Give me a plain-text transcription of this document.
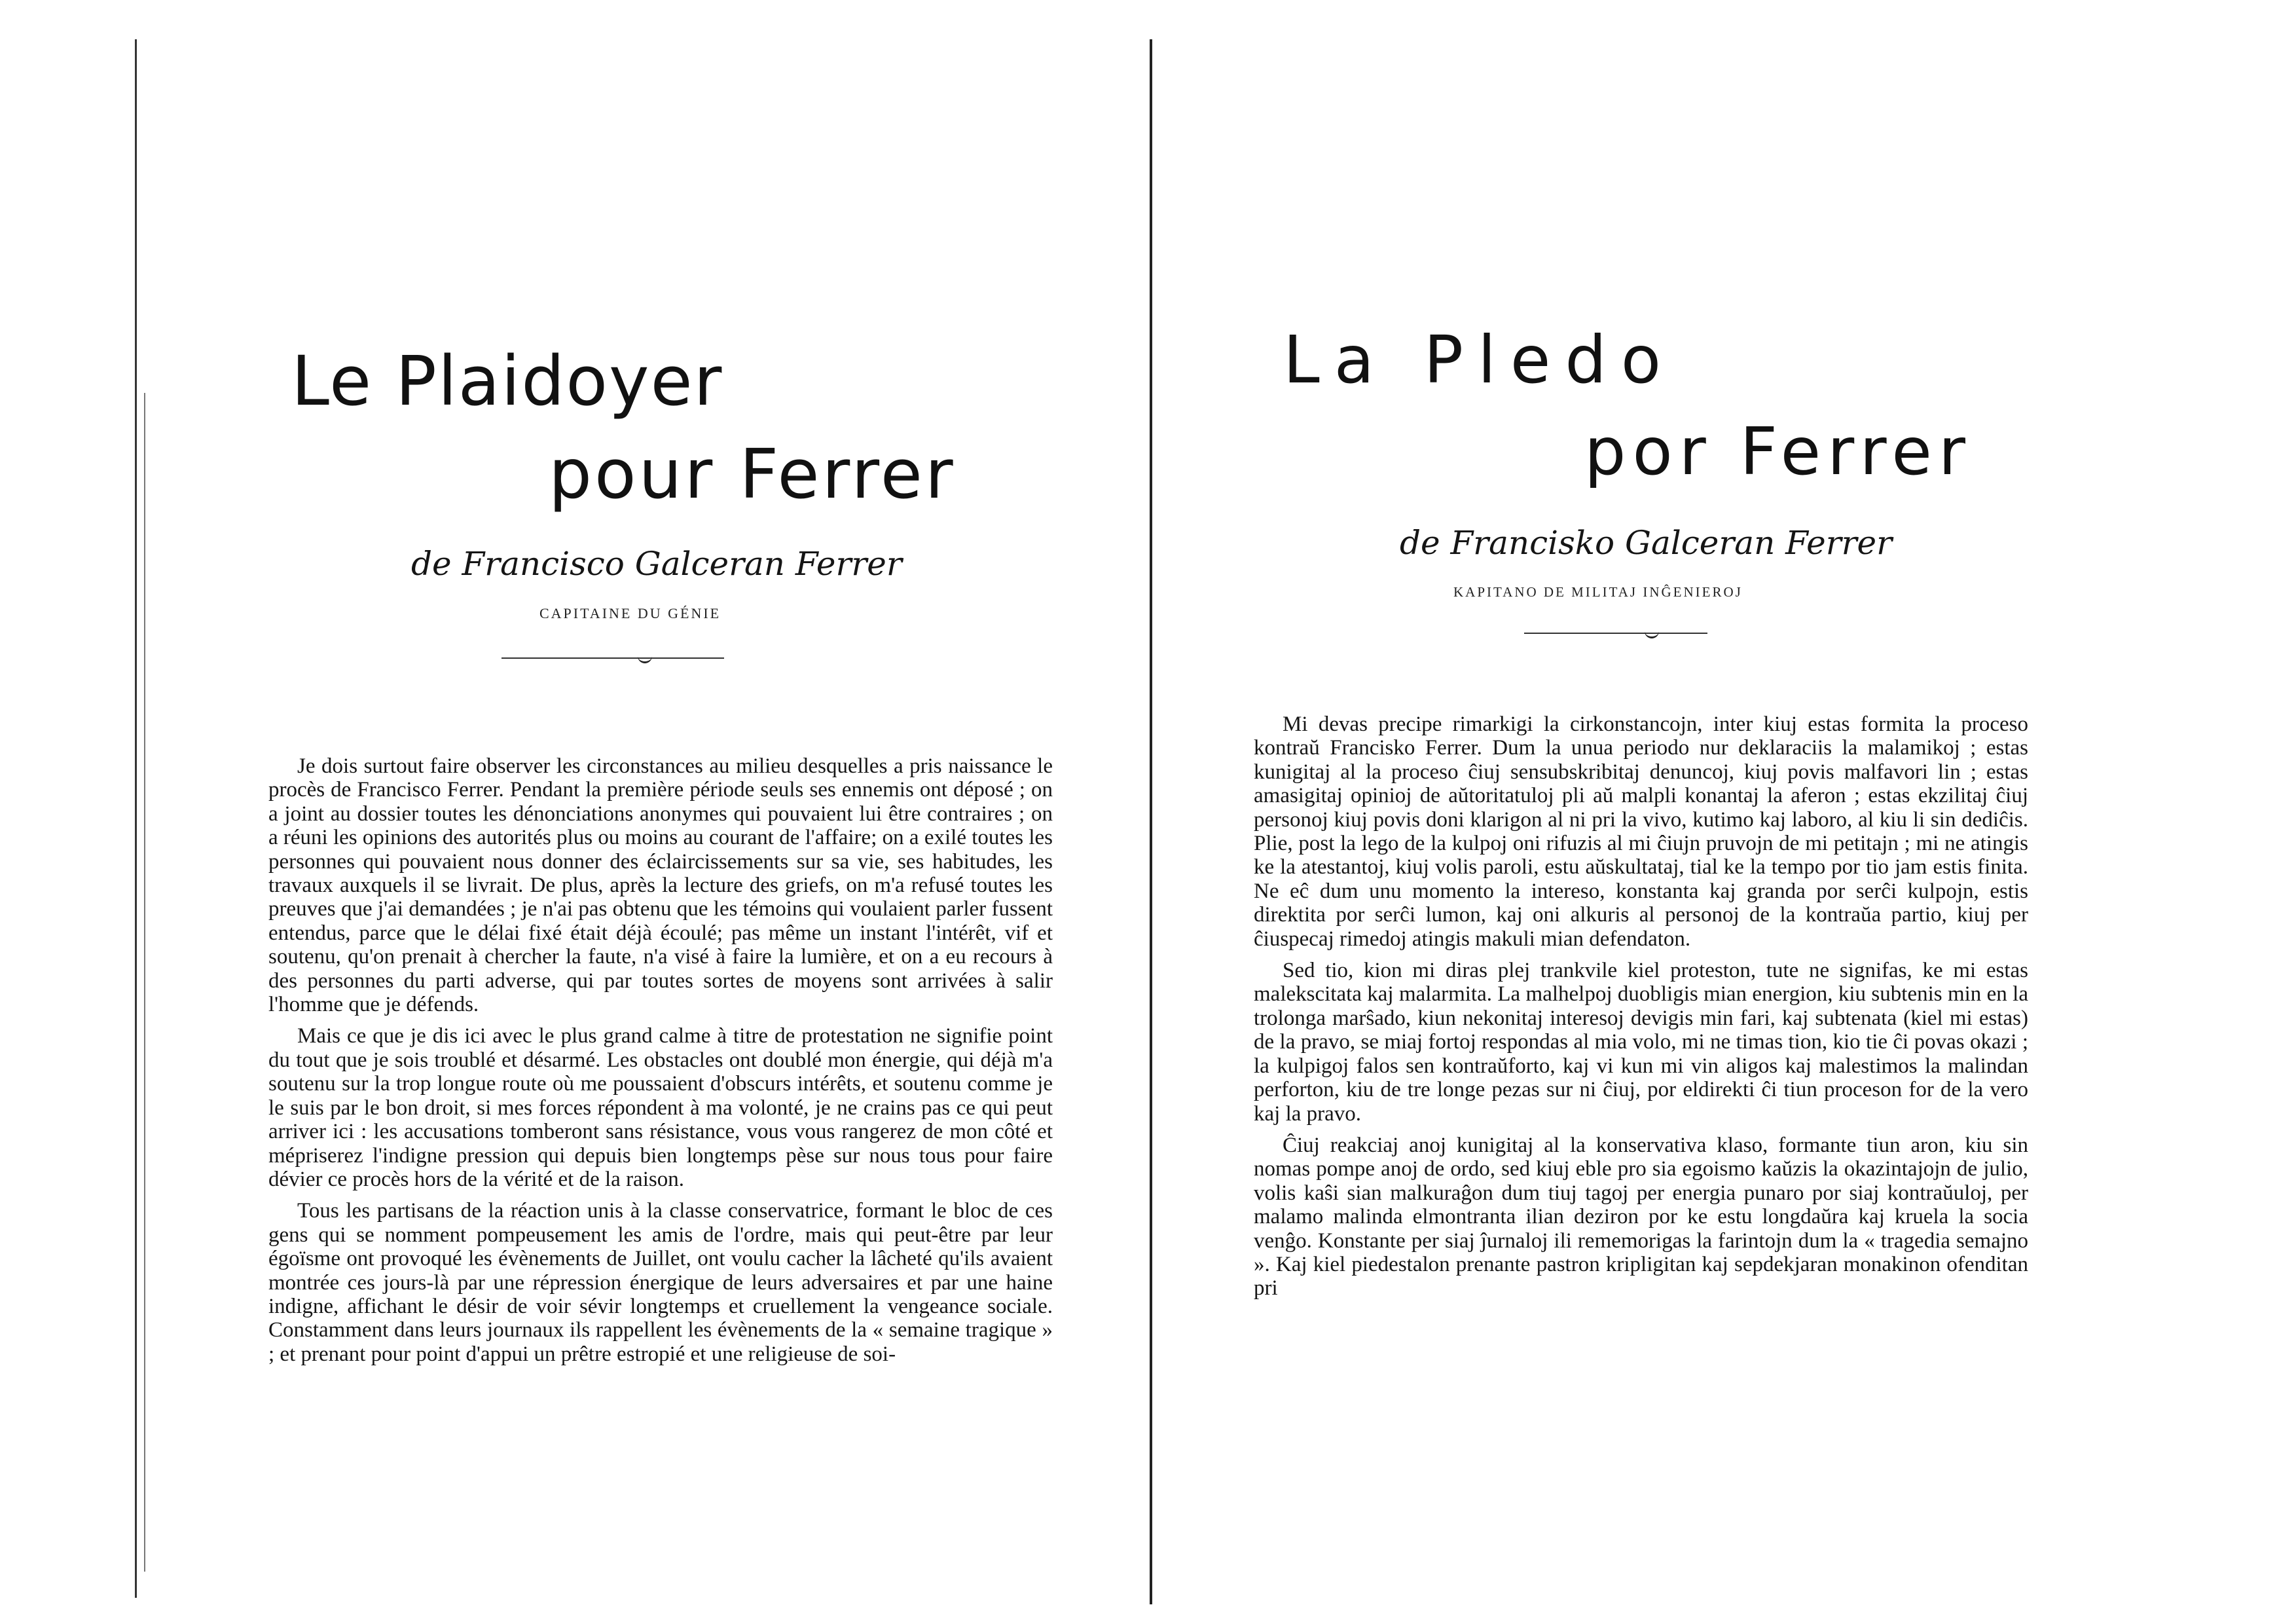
Le Plaidoyer
pour Ferrer
de Francisco Galceran Ferrer
CAPITAINE DU GÉNIE

Je dois surtout faire observer les circonstances au milieu desquelles a pris naissance le procès de Francisco Ferrer. Pendant la première période seuls ses ennemis ont déposé ; on a joint au dossier toutes les dénonciations anonymes qui pouvaient lui être contraires ; on a réuni les opinions des autorités plus ou moins au courant de l'affaire; on a exilé toutes les personnes qui pouvaient nous donner des éclaircissements sur sa vie, ses habitudes, les travaux auxquels il se livrait. De plus, après la lecture des griefs, on m'a refusé toutes les preuves que j'ai demandées ; je n'ai pas obtenu que les témoins qui voulaient parler fussent entendus, parce que le délai fixé était déjà écoulé; pas même un instant l'intérêt, vif et soutenu, qu'on prenait à chercher la faute, n'a visé à faire la lumière, et on a eu recours à des personnes du parti adverse, qui par toutes sortes de moyens sont arrivées à salir l'homme que je défends.

Mais ce que je dis ici avec le plus grand calme à titre de protestation ne signifie point du tout que je sois troublé et désarmé. Les obstacles ont doublé mon énergie, qui déjà m'a soutenu sur la trop longue route où me poussaient d'obscurs intérêts, et soutenu comme je le suis par le bon droit, si mes forces répondent à ma volonté, je ne crains pas ce qui peut arriver ici : les accusations tomberont sans résistance, vous vous rangerez de mon côté et mépriserez l'indigne pression qui depuis bien longtemps pèse sur nous tous pour faire dévier ce procès hors de la vérité et de la raison.

Tous les partisans de la réaction unis à la classe conservatrice, formant le bloc de ces gens qui se nomment pompeusement les amis de l'ordre, mais qui peut-être par leur égoïsme ont provoqué les évènements de Juillet, ont voulu cacher la lâcheté qu'ils avaient montrée ces jours-là par une répression énergique de leurs adversaires et par une haine indigne, affichant le désir de voir sévir longtemps et cruellement la vengeance sociale. Constamment dans leurs journaux ils rappellent les évènements de la « semaine tragique » ; et prenant pour point d'appui un prêtre estropié et une religieuse de soi-

La Pledo
por Ferrer
de Francisko Galceran Ferrer
KAPITANO DE MILITAJ INĜENIEROJ

Mi devas precipe rimarkigi la cirkonstancojn, inter kiuj estas formita la proceso kontraŭ Francisko Ferrer. Dum la unua periodo nur deklaraciis la malamikoj ; estas kunigitaj al la proceso ĉiuj sensubskribitaj denuncoj, kiuj povis malfavori lin ; estas amasigitaj opinioj de aŭtoritatuloj pli aŭ malpli konantaj la aferon ; estas ekzilitaj ĉiuj personoj kiuj povis doni klarigon al ni pri la vivo, kutimo kaj laboro, al kiu li sin dediĉis. Plie, post la lego de la kulpoj oni rifuzis al mi ĉiujn pruvojn de mi petitajn ; mi ne atingis ke la atestantoj, kiuj volis paroli, estu aŭskultataj, tial ke la tempo por tio jam estis finita. Ne eĉ dum unu momento la intereso, konstanta kaj granda por serĉi kulpojn, estis direktita por serĉi lumon, kaj oni alkuris al personoj de la kontraŭa partio, kiuj per ĉiuspecaj rimedoj atingis makuli mian defendaton.

Sed tio, kion mi diras plej trankvile kiel proteston, tute ne signifas, ke mi estas malekscitata kaj malarmita. La malhelpoj duobligis mian energion, kiu subtenis min en la trolonga marŝado, kiun nekonitaj interesoj devigis min fari, kaj subtenata (kiel mi estas) de la pravo, se miaj fortoj respondas al mia volo, mi ne timas tion, kio tie ĉi povas okazi ; la kulpigoj falos sen kontraŭforto, kaj vi kun mi vin aligos kaj malestimos la malindan perforton, kiu de tre longe pezas sur ni ĉiuj, por eldirekti ĉi tiun proceson for de la vero kaj la pravo.

Ĉiuj reakciaj anoj kunigitaj al la konservativa klaso, formante tiun aron, kiu sin nomas pompe anoj de ordo, sed kiuj eble pro sia egoismo kaŭzis la okazintajojn de julio, volis kaŝi sian malkuraĝon dum tiuj tagoj per energia punaro por siaj kontraŭuloj, per malamo malinda elmontranta ilian deziron por ke estu longdaŭra kaj kruela la socia venĝo. Konstante per siaj ĵurnaloj ili rememorigas la farintojn dum la « tragedia semajno ». Kaj kiel piedestalon prenante pastron kripligitan kaj sepdekjaran monakinon ofenditan pri
